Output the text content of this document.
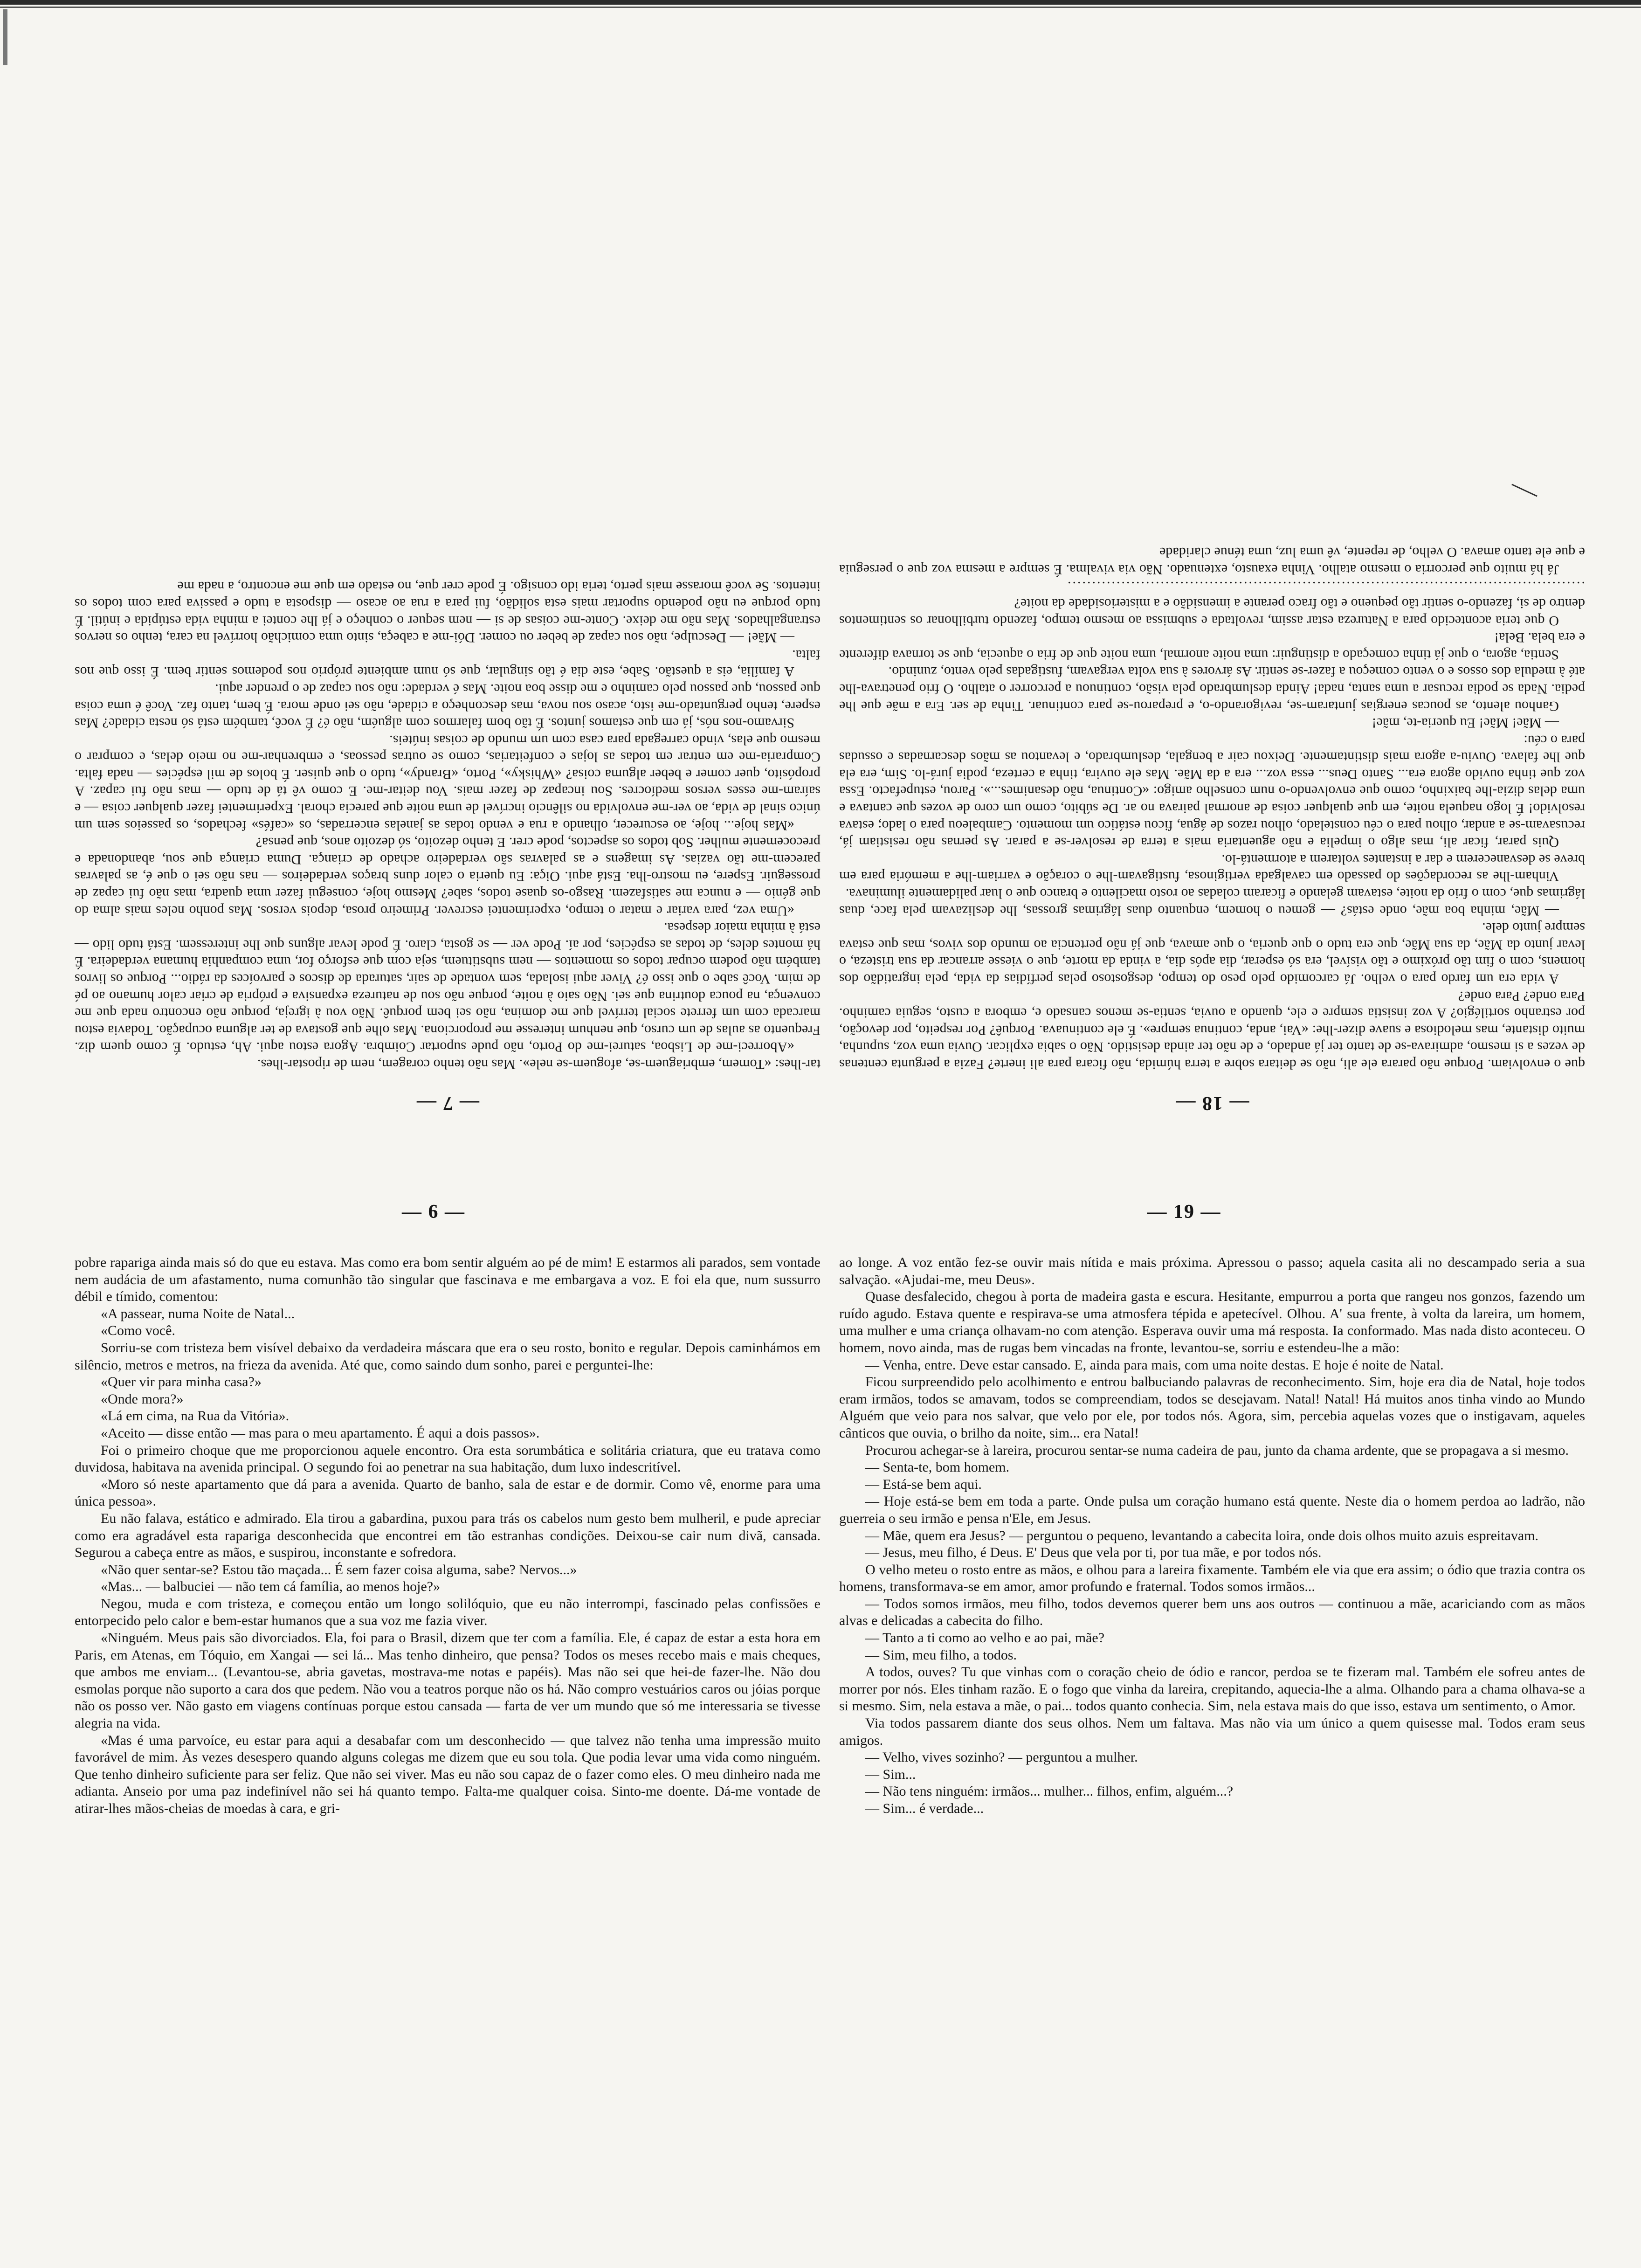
tar-lhes: «Tomem, embriaguem-se, afoguem-se nele». Mas não tenho coragem, nem de ripostar-lhes.

«Aborreci-me de Lisboa, saturei-me do Porto, não pude suportar Coimbra. Agora estou aqui. Ah, estudo. É como quem diz. Frequento as aulas de um curso, que nenhum interesse me proporciona. Mas olhe que gostava de ter alguma ocupação. Todavia estou marcada com um ferrete social terrível que me domina, não sei bem porquê. Não vou à igreja, porque não encontro nada que me convença, na pouca doutrina que sei. Não saio à noite, porque não sou de natureza expansiva e própria de criar calor humano ao pé de mim. Você sabe o que isso é? Viver aqui isolada, sem vontade de sair, saturada de discos e parvoíces da rádio... Porque os livros também não podem ocupar todos os momentos — nem substituem, seja com que esforço for, uma companhia humana verdadeira. É há montes deles, de todas as espécies, por aí. Pode ver — se gosta, claro. É pode levar alguns que lhe interessem. Está tudo lido — está à minha maior despesa.

«Uma vez, para variar e matar o tempo, experimentei escrever. Primeiro prosa, depois versos. Mas ponho neles mais alma do que génio — e nunca me satisfazem. Rasgo-os quase todos, sabe? Mesmo hoje, consegui fazer uma quadra, mas não fui capaz de prosseguir. Espere, eu mostro-lha. Está aqui. Oiça: Eu queria o calor duns braços verdadeiros — nas não sei o que é, as palavras parecem-me tão vazias. As imagens e as palavras são verdadeiro achado de criança. Duma criança que sou, abandonada e precocemente mulher. Sob todos os aspectos, pode crer. E tenho dezoito, só dezoito anos, que pensa?

«Mas hoje... hoje, ao escurecer, olhando a rua e vendo todas as janelas encerradas, os «cafés» fechados, os passeios sem um único sinal de vida, ao ver-me envolvida no silêncio incrível de uma noite que parecia choral. Experimentei fazer qualquer coisa — e saíram-me esses versos medíocres. Sou incapaz de fazer mais. Vou deitar-me. E como vê tá de tudo — mas não fui capaz. A propósito, quer comer e beber alguma coisa? «Whisky», Porto, «Brandy», tudo o que quiser. É bolos de mil espécies — nada falta. Compraria-me em entrar em todas as lojas e confeitarias, como se outras pessoas, e embrenhar-me no meio delas, e comprar o mesmo que elas, vindo carregada para casa com um mundo de coisas inúteis.

Sirvamo-nos nós, já em que estamos juntos. É tão bom falarmos com alguém, não é? É você, também está só nesta cidade? Mas espere, tenho perguntado-me isto, acaso sou nova, mas desconheço a cidade, não sei onde mora. É bem, tanto faz. Você é uma coisa que passou, que passou pelo caminho e me disse boa noite. Mas é verdade: não sou capaz de o prender aqui.

A família, eis a questão. Sabe, este dia é tão singular, que só num ambiente próprio nos podemos sentir bem. É isso que nos falta.

— Mãe! — Desculpe, não sou capaz de beber ou comer. Dói-me a cabeça, sinto uma comichão horrível na cara, tenho os nervos estrangalhados. Mas não me deixe. Conte-me coisas de si — nem sequer o conheço e já lhe contei a minha vida estúpida e inútil. É tudo porque eu não podendo suportar mais esta solidão, fui para a rua ao acaso — disposta a tudo e passiva para com todos os intentos. Se você morasse mais perto, teria ido consigo. É pode crer que, no estado em que me encontro, a nada me

— 7 —

que o envolviam. Porque não parara ele ali, não se deitara sobre a terra húmida, não ficara para ali inerte? Fazia a pergunta centenas de vezes a si mesmo, admirava-se de tanto ter já andado, e de não ter ainda desistido. Não o sabia explicar. Ouvia uma voz, supunha, muito distante, mas melodiosa e suave dizer-lhe: «Vai, anda, continua sempre». É ele continuava. Porquê? Por respeito, por devoção, por estranho sortilégio? A voz insistia sempre e ele, quando a ouvia, sentia-se menos cansado e, embora a custo, seguia caminho. Para onde? Para onde?

A vida era um fardo para o velho. Já carcomido pelo peso do tempo, desgostoso pelas perfídias da vida, pela ingratidão dos homens, com o fim tão próximo e tão visível, era só esperar, dia após dia, a vinda da morte, que o viesse arrancar da sua tristeza, o levar junto da Mãe, da sua Mãe, que era tudo o que queria, o que amava, que já não pertencia ao mundo dos vivos, mas que estava sempre junto dele.

— Mãe, minha boa mãe, onde estás? — gemeu o homem, enquanto duas lágrimas grossas, lhe deslizavam pela face, duas lágrimas que, com o frio da noite, estavam gelando e ficaram coladas ao rosto macilento e branco que o luar palidamente iluminava.

Vinham-lhe as recordações do passado em cavalgada vertiginosa, fustigavam-lhe o coração e varriam-lhe a memória para em breve se desvanecerem e dar a instantes voltarem a atormentá-lo.

Quis parar, ficar ali, mas algo o impelia e não aguentaria mais a terra de resolver-se a parar. As pernas não resistiam já, recusavam-se a andar, olhou para o céu constelado, olhou razos de água, ficou estático um momento. Cambaleou para o lado; estava resolvido! É logo naquela noite, em que qualquer coisa de anormal pairava no ar. De súbito, como um coro de vozes que cantava e uma delas dizia-lhe baixinho, como que envolvendo-o num conselho amigo: «Continua, não desanimes...». Parou, estupefacto. Essa voz que tinha ouvido agora era... Santo Deus... essa voz... era a da Mãe. Mas ele ouvira, tinha a certeza, podia jurá-lo. Sim, era ela que lhe falava. Ouviu-a agora mais distintamente. Deixou cair a bengala, deslumbrado, e levantou as mãos descarnadas e ossudas para o céu:

— Mãe! Mãe! Eu queria-te, mãe!

Ganhou alento, as poucas energias juntaram-se, revigorando-o, e preparou-se para continuar. Tinha de ser. Era a mãe que lhe pedia. Nada se podia recusar a uma santa, nada! Ainda deslumbrado pela visão, continuou a percorrer o atalho. O frio penetrava-lhe até à medula dos ossos e o vento começou a fazer-se sentir. As árvores à sua volta vergavam, fustigadas pelo vento, zunindo.

Sentia, agora, o que já tinha começado a distinguir: uma noite anormal, uma noite que de fria o aquecia, que se tornava diferente e era bela. Bela!

O que teria acontecido para a Natureza estar assim, revoltada e submissa ao mesmo tempo, fazendo turbilhonar os sentimentos dentro de si, fazendo-o sentir tão pequeno e tão fraco perante a imensidão e a misteriosidade da noite?

..........................................................................................................

Já há muito que percorria o mesmo atalho. Vinha exausto, extenuado. Não via vivalma. É sempre a mesma voz que o perseguia e que ele tanto amava. O velho, de repente, vê uma luz, uma ténue claridade

— 18 —
— 6 —

pobre rapariga ainda mais só do que eu estava. Mas como era bom sentir alguém ao pé de mim! E estarmos ali parados, sem vontade nem audácia de um afastamento, numa comunhão tão singular que fascinava e me embargava a voz. E foi ela que, num sussurro débil e tímido, comentou:

«A passear, numa Noite de Natal...

«Como você.

Sorriu-se com tristeza bem visível debaixo da verdadeira máscara que era o seu rosto, bonito e regular. Depois caminhámos em silêncio, metros e metros, na frieza da avenida. Até que, como saindo dum sonho, parei e perguntei-lhe:

«Quer vir para minha casa?»

«Onde mora?»

«Lá em cima, na Rua da Vitória».

«Aceito — disse então — mas para o meu apartamento. É aqui a dois passos».

Foi o primeiro choque que me proporcionou aquele encontro. Ora esta sorumbática e solitária criatura, que eu tratava como duvidosa, habitava na avenida principal. O segundo foi ao penetrar na sua habitação, dum luxo indescritível.

«Moro só neste apartamento que dá para a avenida. Quarto de banho, sala de estar e de dormir. Como vê, enorme para uma única pessoa».

Eu não falava, estático e admirado. Ela tirou a gabardina, puxou para trás os cabelos num gesto bem mulheril, e pude apreciar como era agradável esta rapariga desconhecida que encontrei em tão estranhas condições. Deixou-se cair num divã, cansada. Segurou a cabeça entre as mãos, e suspirou, inconstante e sofredora.

«Não quer sentar-se? Estou tão maçada... É sem fazer coisa alguma, sabe? Nervos...»

«Mas... — balbuciei — não tem cá família, ao menos hoje?»

Negou, muda e com tristeza, e começou então um longo solilóquio, que eu não interrompi, fascinado pelas confissões e entorpecido pelo calor e bem-estar humanos que a sua voz me fazia viver.

«Ninguém. Meus pais são divorciados. Ela, foi para o Brasil, dizem que ter com a família. Ele, é capaz de estar a esta hora em Paris, em Atenas, em Tóquio, em Xangai — sei lá... Mas tenho dinheiro, que pensa? Todos os meses recebo mais e mais cheques, que ambos me enviam... (Levantou-se, abria gavetas, mostrava-me notas e papéis). Mas não sei que hei-de fazer-lhe. Não dou esmolas porque não suporto a cara dos que pedem. Não vou a teatros porque não os há. Não compro vestuários caros ou jóias porque não os posso ver. Não gasto em viagens contínuas porque estou cansada — farta de ver um mundo que só me interessaria se tivesse alegria na vida.

«Mas é uma parvoíce, eu estar para aqui a desabafar com um desconhecido — que talvez não tenha uma impressão muito favorável de mim. Às vezes desespero quando alguns colegas me dizem que eu sou tola. Que podia levar uma vida como ninguém. Que tenho dinheiro suficiente para ser feliz. Que não sei viver. Mas eu não sou capaz de o fazer como eles. O meu dinheiro nada me adianta. Anseio por uma paz indefinível não sei há quanto tempo. Falta-me qualquer coisa. Sinto-me doente. Dá-me vontade de atirar-lhes mãos-cheias de moedas à cara, e gri-

— 19 —

ao longe. A voz então fez-se ouvir mais nítida e mais próxima. Apressou o passo; aquela casita ali no descampado seria a sua salvação. «Ajudai-me, meu Deus».

Quase desfalecido, chegou à porta de madeira gasta e escura. Hesitante, empurrou a porta que rangeu nos gonzos, fazendo um ruído agudo. Estava quente e respirava-se uma atmosfera tépida e apetecível. Olhou. A' sua frente, à volta da lareira, um homem, uma mulher e uma criança olhavam-no com atenção. Esperava ouvir uma má resposta. Ia conformado. Mas nada disto aconteceu. O homem, novo ainda, mas de rugas bem vincadas na fronte, levantou-se, sorriu e estendeu-lhe a mão:

— Venha, entre. Deve estar cansado. E, ainda para mais, com uma noite destas. E hoje é noite de Natal.

Ficou surpreendido pelo acolhimento e entrou balbuciando palavras de reconhecimento. Sim, hoje era dia de Natal, hoje todos eram irmãos, todos se amavam, todos se compreendiam, todos se desejavam. Natal! Natal! Há muitos anos tinha vindo ao Mundo Alguém que veio para nos salvar, que velo por ele, por todos nós. Agora, sim, percebia aquelas vozes que o instigavam, aqueles cânticos que ouvia, o brilho da noite, sim... era Natal!

Procurou achegar-se à lareira, procurou sentar-se numa cadeira de pau, junto da chama ardente, que se propagava a si mesmo.

— Senta-te, bom homem.

— Está-se bem aqui.

— Hoje está-se bem em toda a parte. Onde pulsa um coração humano está quente. Neste dia o homem perdoa ao ladrão, não guerreia o seu irmão e pensa n'Ele, em Jesus.

— Mãe, quem era Jesus? — perguntou o pequeno, levantando a cabecita loira, onde dois olhos muito azuis espreitavam.

— Jesus, meu filho, é Deus. E' Deus que vela por ti, por tua mãe, e por todos nós.

O velho meteu o rosto entre as mãos, e olhou para a lareira fixamente. Também ele via que era assim; o ódio que trazia contra os homens, transformava-se em amor, amor profundo e fraternal. Todos somos irmãos...

— Todos somos irmãos, meu filho, todos devemos querer bem uns aos outros — continuou a mãe, acariciando com as mãos alvas e delicadas a cabecita do filho.

— Tanto a ti como ao velho e ao pai, mãe?

— Sim, meu filho, a todos.

A todos, ouves? Tu que vinhas com o coração cheio de ódio e rancor, perdoa se te fizeram mal. Também ele sofreu antes de morrer por nós. Eles tinham razão. E o fogo que vinha da lareira, crepitando, aquecia-lhe a alma. Olhando para a chama olhava-se a si mesmo. Sim, nela estava a mãe, o pai... todos quanto conhecia. Sim, nela estava mais do que isso, estava um sentimento, o Amor.

Via todos passarem diante dos seus olhos. Nem um faltava. Mas não via um único a quem quisesse mal. Todos eram seus amigos.

— Velho, vives sozinho? — perguntou a mulher.

— Sim...

— Não tens ninguém: irmãos... mulher... filhos, enfim, alguém...?

— Sim... é verdade...
